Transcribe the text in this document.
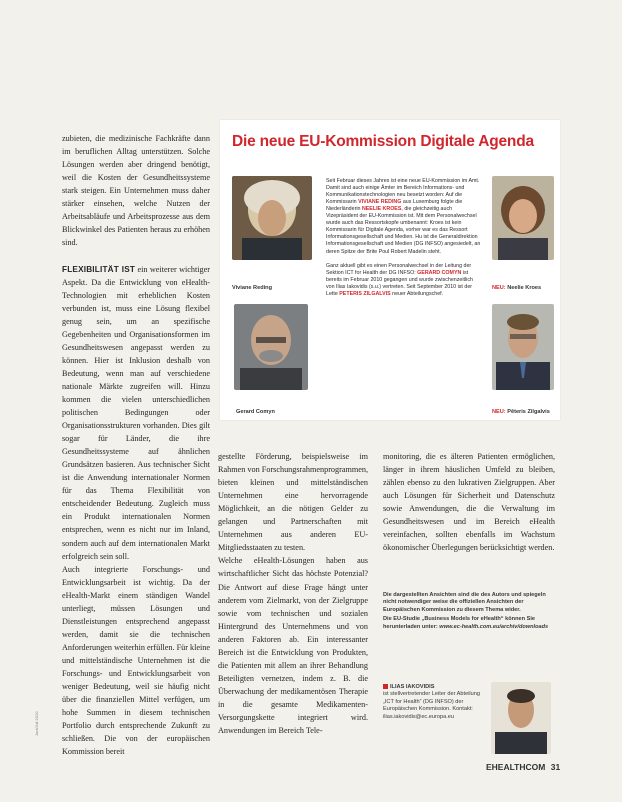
zubieten, die medizinische Fachkräfte dann im beruflichen Alltag unterstützen. Solche Lösungen werden aber dringend benötigt, weil die Kosten der Gesundheitssysteme stark steigen. Ein Unternehmen muss daher stärker einsehen, welche Nutzen der Arbeitsabläufe und Arbeitsprozesse aus dem Blickwinkel des Patienten heraus zu erhöhen sind.

FLEXIBILITÄT IST ein weiterer wichtiger Aspekt. Da die Entwicklung von eHealth-Technologien mit erheblichen Kosten verbunden ist, muss eine Lösung flexibel genug sein, um an spezifische Gegebenheiten und Organisationsformen im Gesundheitswesen angepasst werden zu können. Hier ist Inklusion deshalb von Bedeutung, wenn man auf verschiedene nationale Märkte zugreifen will. Hinzu kommen die vielen unterschiedlichen politischen Bedingungen oder Organisationsstrukturen vorhanden. Dies gilt sogar für Länder, die ihre Gesundheitssysteme auf ähnlichen Grundsätzen basieren. Aus technischer Sicht ist die Anwendung internationaler Normen für das Thema Flexibilität von entscheidender Bedeutung. Zugleich muss ein Produkt internationalen Normen entsprechen, wenn es nicht nur im Inland, sondern auch auf dem internationalen Markt erfolgreich sein soll.
Auch integrierte Forschungs- und Entwicklungsarbeit ist wichtig. Da der eHealth-Markt einem ständigen Wandel unterliegt, müssen Lösungen und Dienstleistungen entsprechend angepasst werden, damit sie die technischen Anforderungen weiterhin erfüllen. Für kleine und mittelständische Unternehmen ist die Forschungs- und Entwicklungsarbeit von weniger Bedeutung, weil sie häufig nicht über die finanziellen Mittel verfügen, um hohe Summen in diesem technischen Portfolio durch entsprechende Zukunft zu schließen. Die von der europäischen Kommission bereit

Die neue EU-Kommission Digitale Agenda
Viviane Reding
Gerard Comyn
NEU: Neelie Kroes
NEU: Pēteris Zilgalvis

Seit Februar dieses Jahres ist eine neue EU-Kommission im Amt. Damit sind auch einige Ämter im Bereich Informations- und Kommunikationstechnologien neu besetzt worden: Auf die Kommissarin VIVIANE REDING aus Luxemburg folgte die Niederländerin NEELIE KROES, die gleichzeitig auch Vizepräsident der EU-Kommission ist. Mit dem Personalwechsel wurde auch das Ressortskopfe umbenannt: Kroes ist kein Kommissarin für Digitale Agenda, vorher war es das Ressort Informationsgesellschaft und Medien. Hu ist die Generaldirektion Informationsgesellschaft und Medien (DG INFSO) angesiedelt, an deren Spitze der Brite Poul Robert Madelin steht.

Ganz aktuell gibt es einen Personalwechsel in der Leitung der Sektion ICT for Health der DG INFSO: GERARD COMYN ist bereits im Februar 2010 gegangen und wurde zwischenzeitlich von Ilias Iakovidis (s.u.) vertreten. Seit September 2010 ist der Lette PETERIS ZILGALVIS neuer Abteilungschef.

gestellte Förderung, beispielsweise im Rahmen von Forschungsrahmenprogrammen, bieten kleinen und mittelständischen Unternehmen eine hervorragende Möglichkeit, an die nötigen Gelder zu gelangen und Partnerschaften mit Unternehmen aus anderen EU-Mitgliedsstaaten zu testen.
Welche eHealth-Lösungen haben aus wirtschaftlicher Sicht das höchste Potenzial? Die Antwort auf diese Frage hängt unter anderem vom Zielmarkt, von der Zielgruppe sowie vom technischen und sozialen Hintergrund des Unternehmens und von anderen Faktoren ab. Ein interessanter Bereich ist die Entwicklung von Produkten, die Patienten mit allem an ihrer Behandlung Beteiligten vernetzen, indem z. B. die Überwachung der medikamentösen Therapie in die gesamte Medikamenten-Versorgungskette integriert wird. Anwendungen im Bereich Tele-

monitoring, die es älteren Patienten ermöglichen, länger in ihrem häuslichen Umfeld zu bleiben, zählen ebenso zu den lukrativen Zielgruppen. Aber auch Lösungen für Sicherheit und Datenschutz sowie Anwendungen, die die Verwaltung im Gesundheitswesen und im Bereich eHealth vereinfachen, sollten ebenfalls im Wachstum ökonomischer Überlegungen berücksichtigt werden.

Die dargestellten Ansichten sind die des Autors und spiegeln nicht notwendiger weise die offiziellen Ansichten der Europäischen Kommission zu diesem Thema wider.
Die EU-Studie „Business Models for eHealth“ können Sie herunterladen unter: www.ec-health.com.eu/archiv/downloads
ILIAS IAKOVIDIS
ist stellvertretender Leiter der Abteilung „ICT for Health“ (DG INFSO) der Europäischen Kommission. Kontakt: ilias.iakovidis@ec.europa.eu
EHEALTHCOM 31
Juni/Juli 2010
